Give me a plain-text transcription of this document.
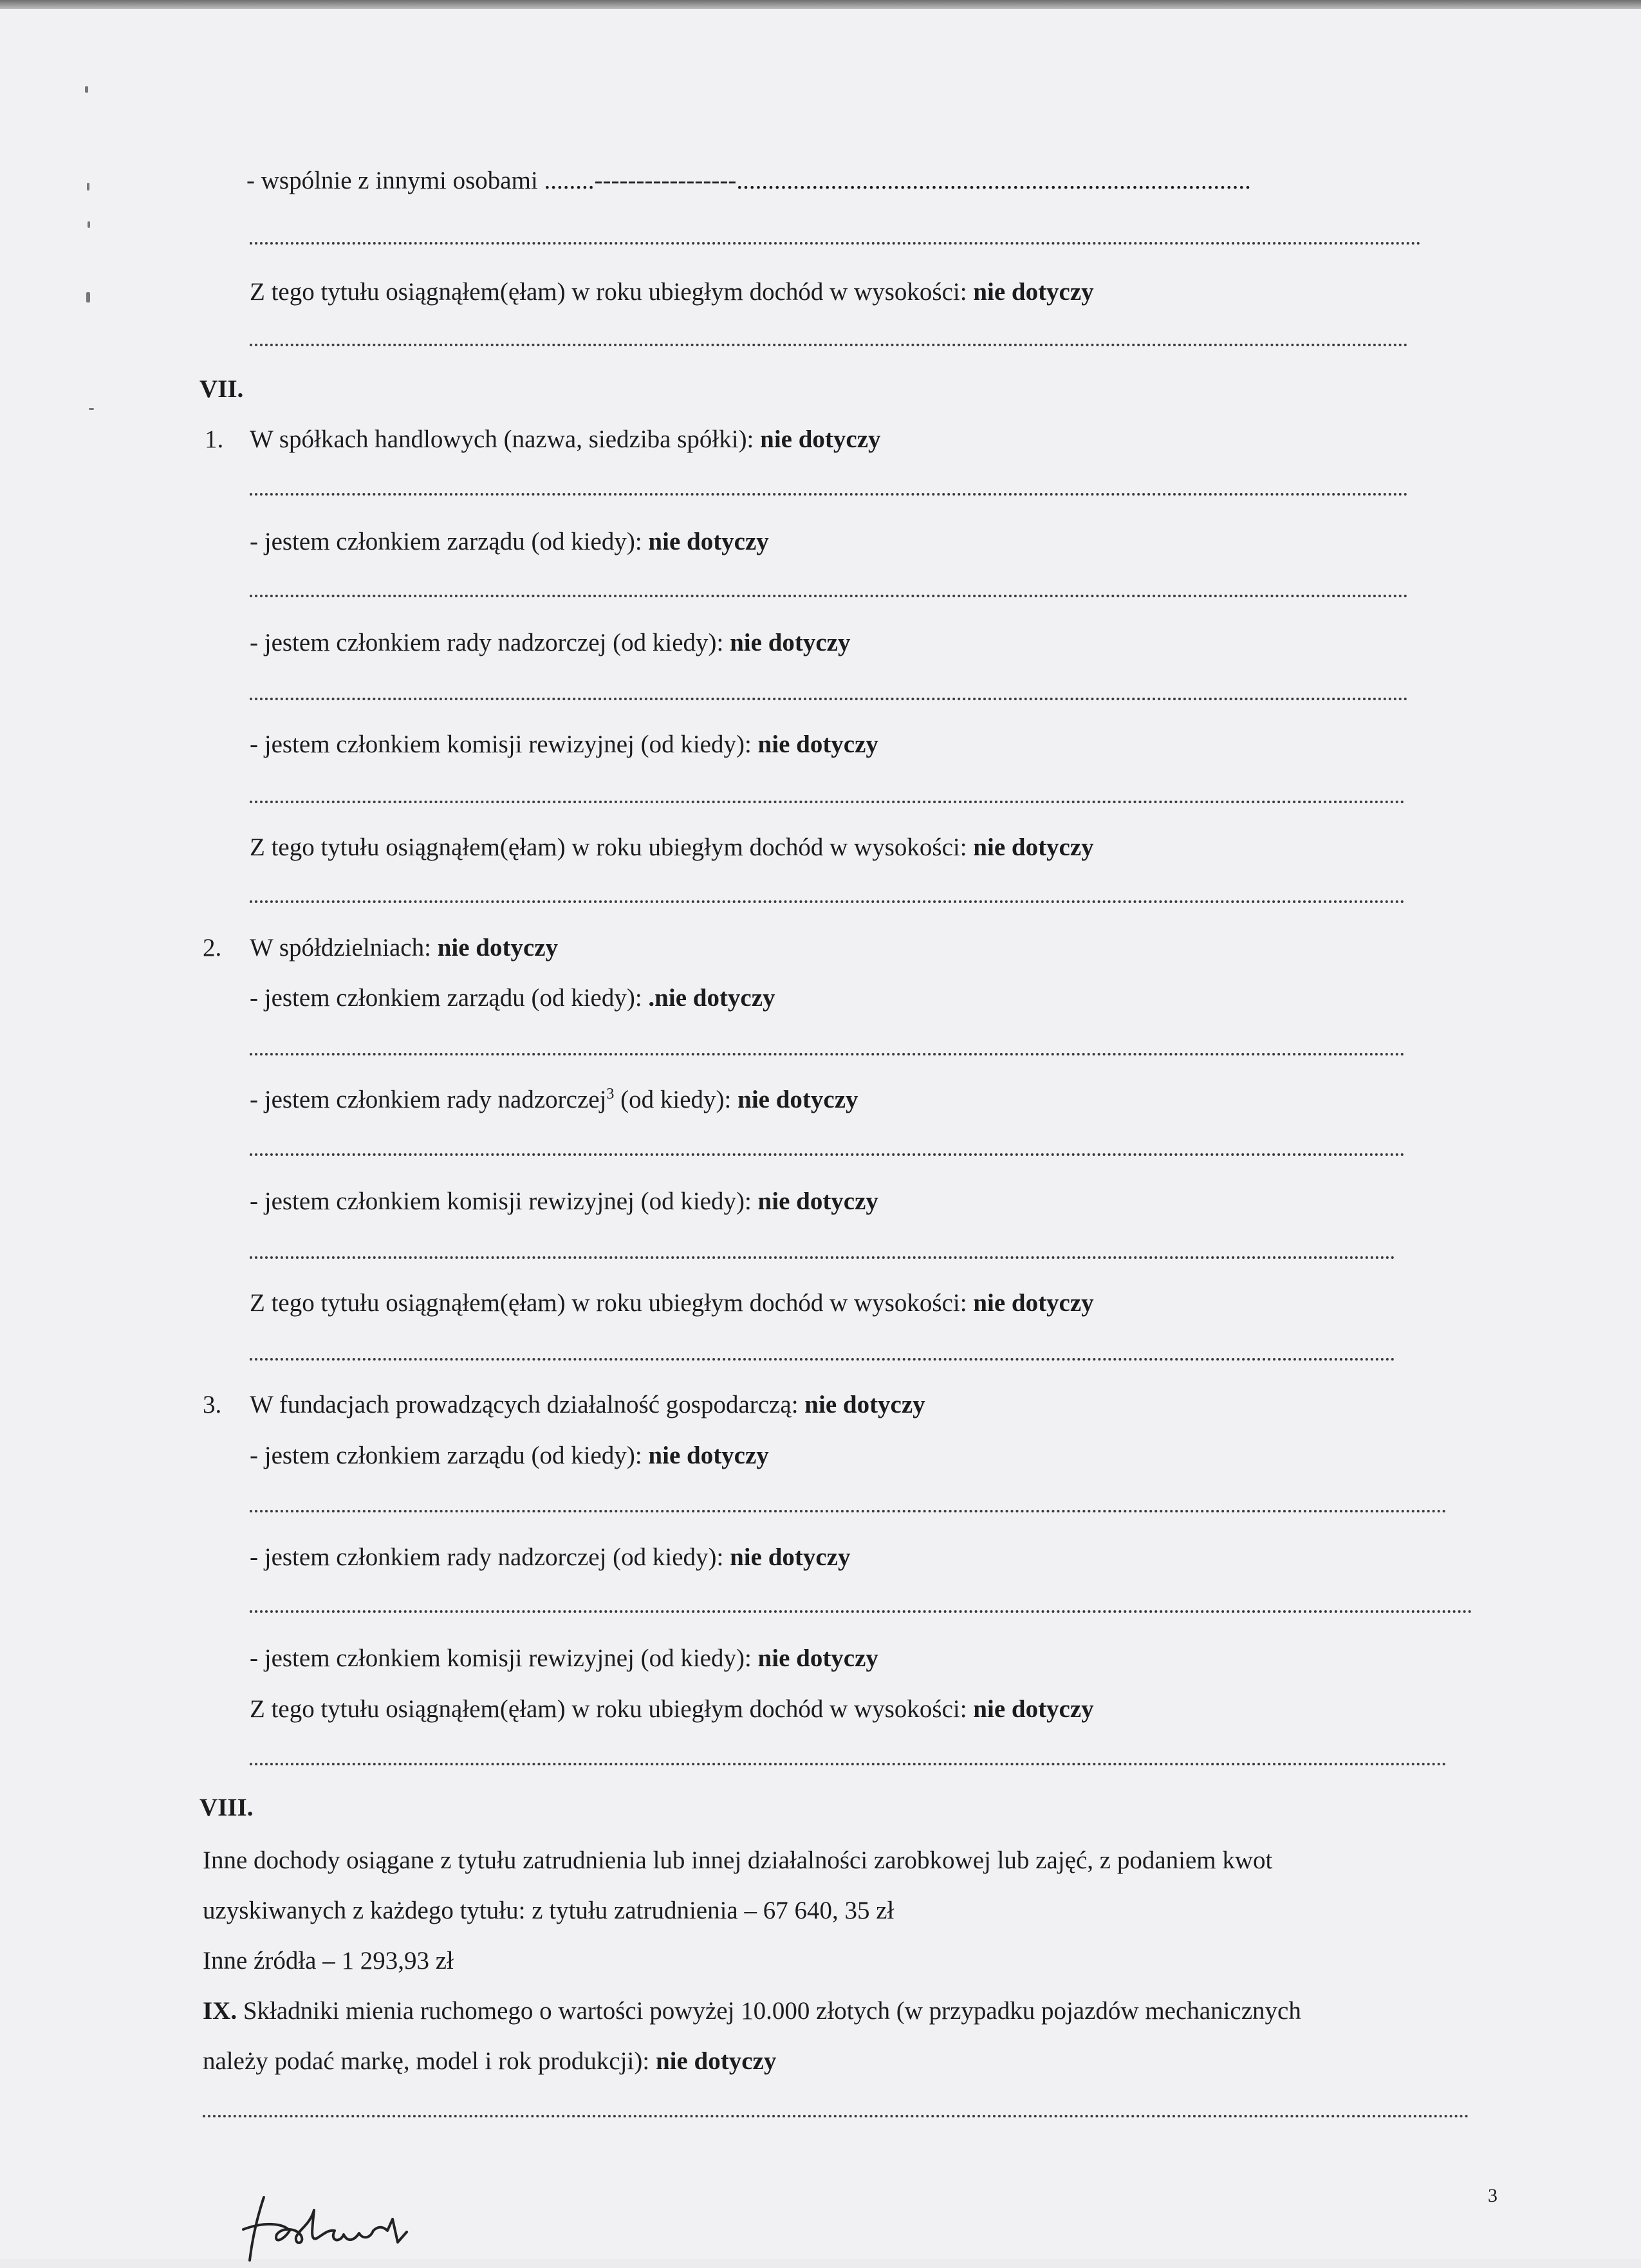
- wspólnie z innymi osobami ........-----------------..................................................................................
Z tego tytułu osiągnąłem(ęłam) w roku ubiegłym dochód w wysokości: nie dotyczy
VII.
1. W spółkach handlowych (nazwa, siedziba spółki): nie dotyczy
- jestem członkiem zarządu (od kiedy): nie dotyczy
- jestem członkiem rady nadzorczej (od kiedy): nie dotyczy
- jestem członkiem komisji rewizyjnej (od kiedy): nie dotyczy
Z tego tytułu osiągnąłem(ęłam) w roku ubiegłym dochód w wysokości: nie dotyczy
2. W spółdzielniach: nie dotyczy
- jestem członkiem zarządu (od kiedy): .nie dotyczy
- jestem członkiem rady nadzorczej$^3$ (od kiedy): nie dotyczy
- jestem członkiem komisji rewizyjnej (od kiedy): nie dotyczy
Z tego tytułu osiągnąłem(ęłam) w roku ubiegłym dochód w wysokości: nie dotyczy
3. W fundacjach prowadzących działalność gospodarczą: nie dotyczy
- jestem członkiem zarządu (od kiedy): nie dotyczy
- jestem członkiem rady nadzorczej (od kiedy): nie dotyczy
- jestem członkiem komisji rewizyjnej (od kiedy): nie dotyczy
Z tego tytułu osiągnąłem(ęłam) w roku ubiegłym dochód w wysokości: nie dotyczy
VIII.
Inne dochody osiągane z tytułu zatrudnienia lub innej działalności zarobkowej lub zajęć, z podaniem kwot
uzyskiwanych z każdego tytułu: z tytułu zatrudnienia – 67 640, 35 zł
Inne źródła – 1 293,93 zł
IX. Składniki mienia ruchomego o wartości powyżej 10.000 złotych (w przypadku pojazdów mechanicznych
należy podać markę, model i rok produkcji): nie dotyczy
3
